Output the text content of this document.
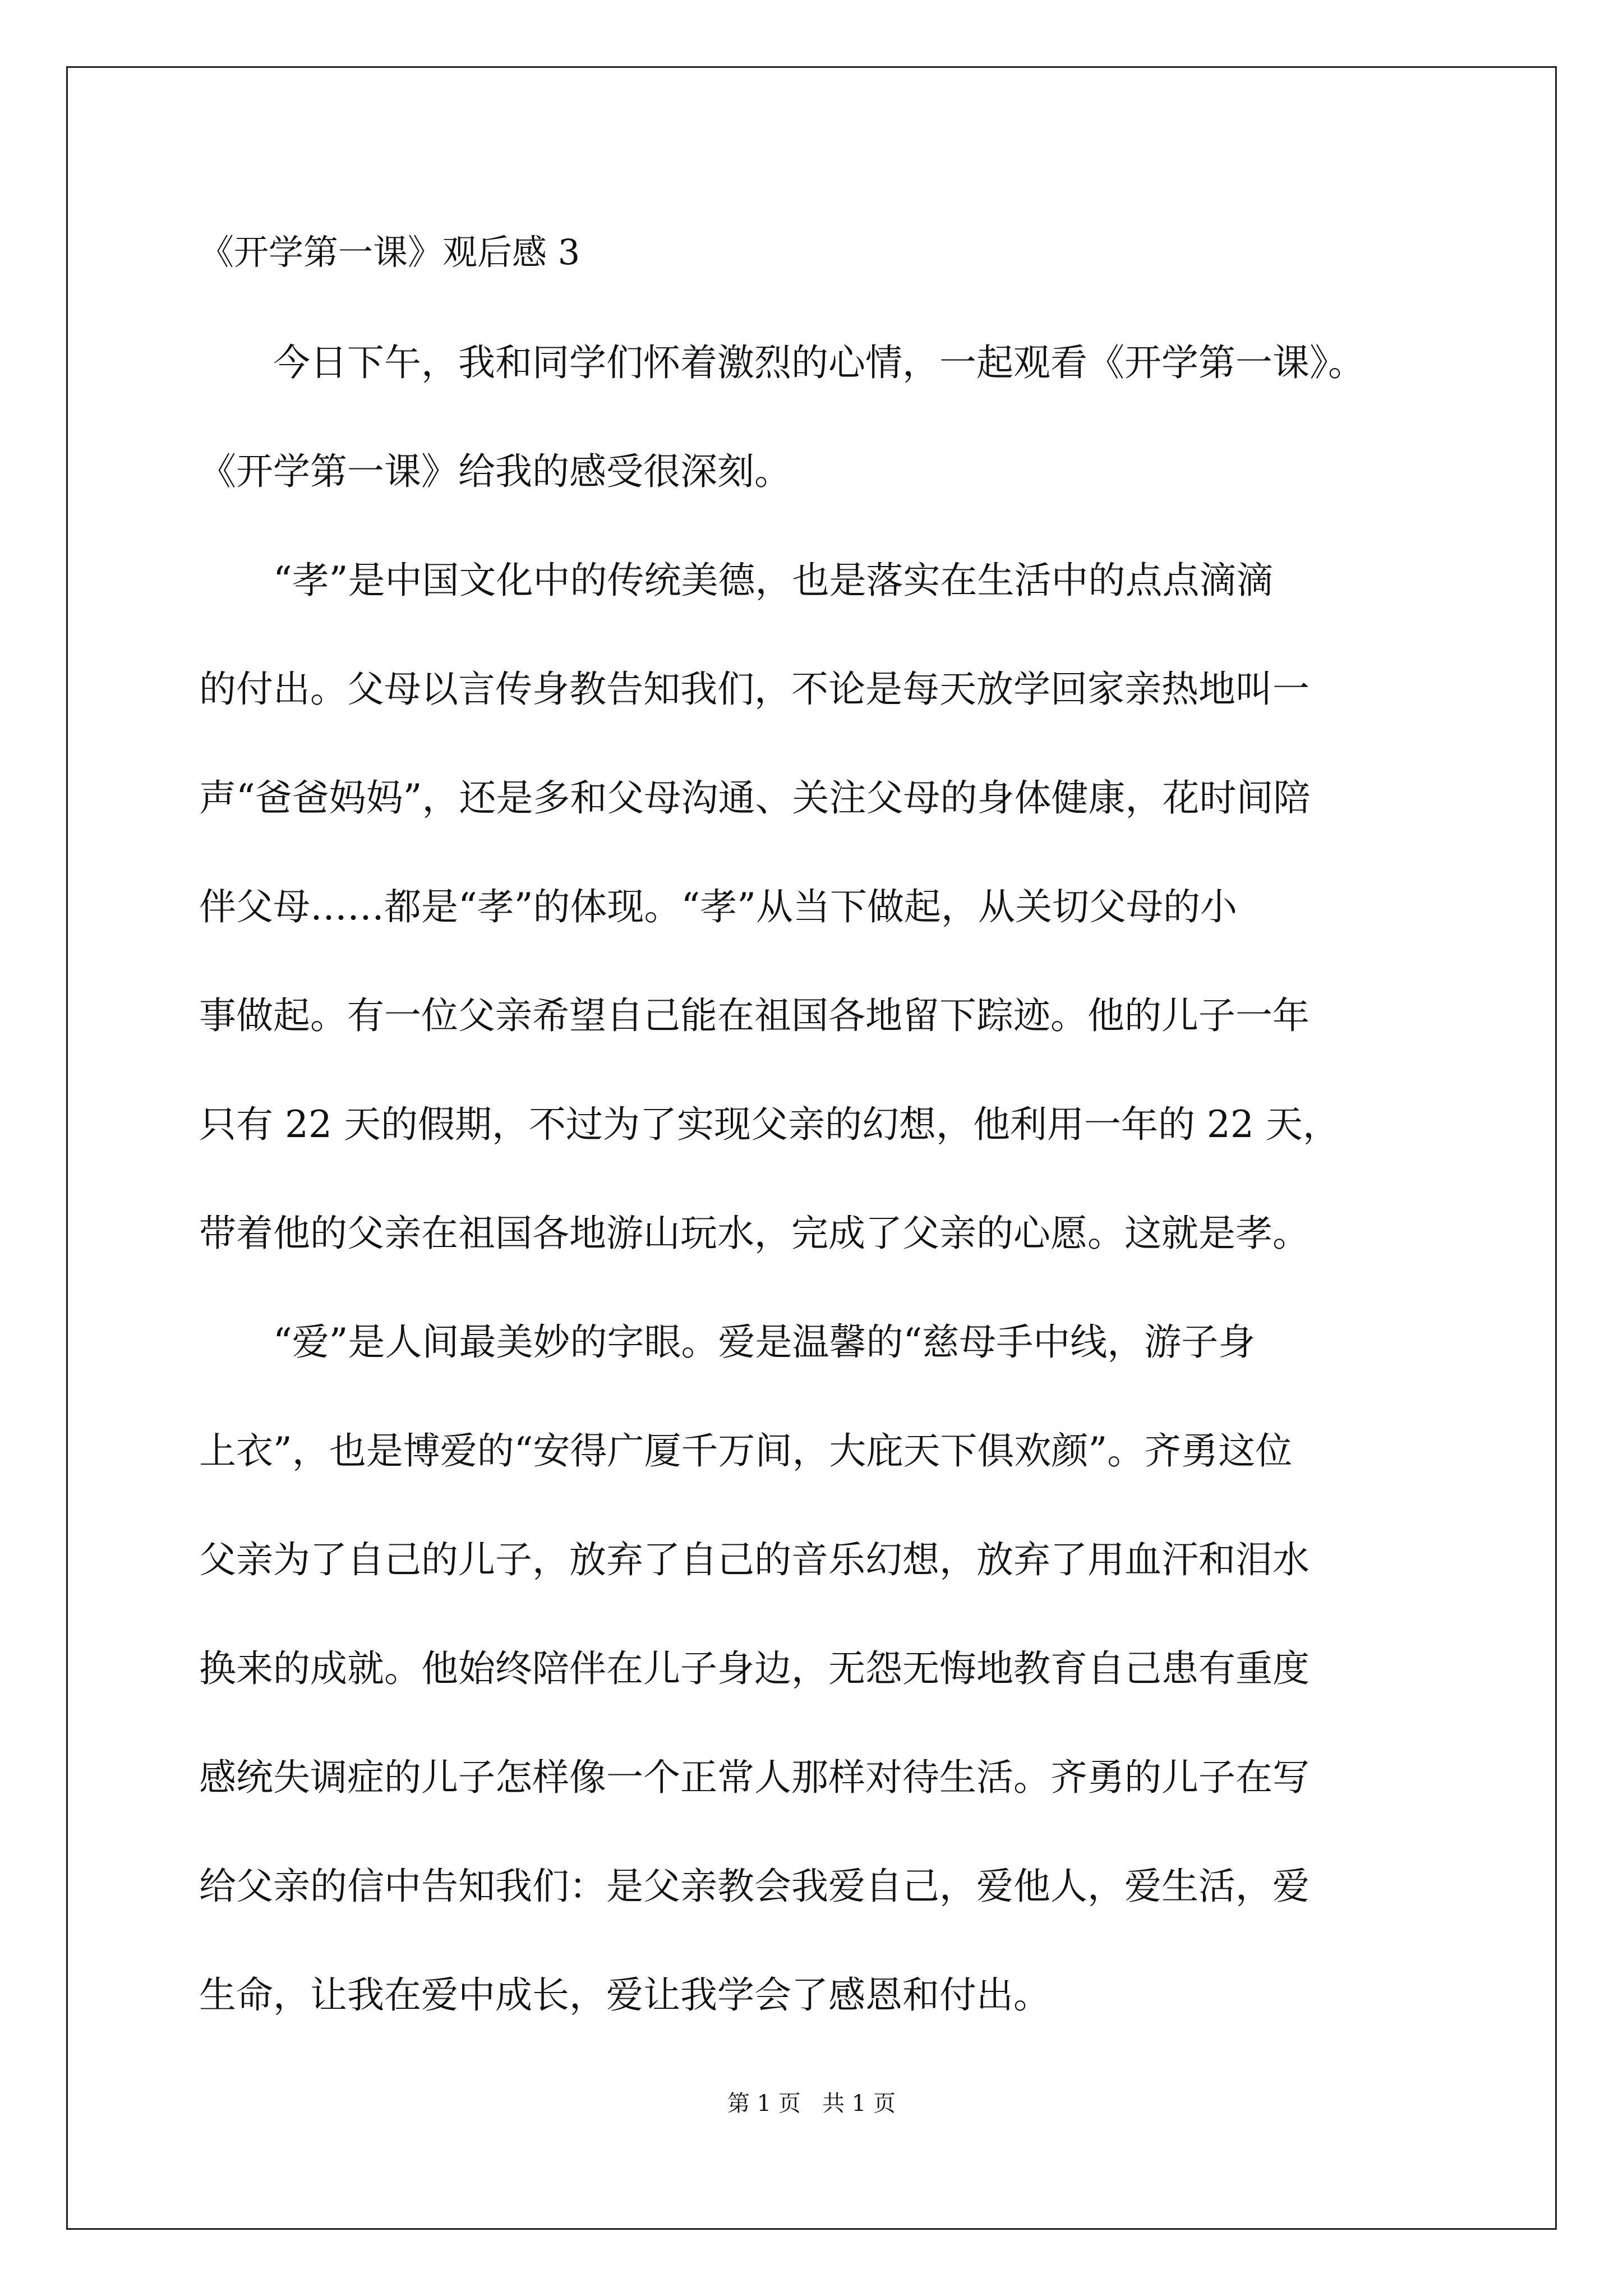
《开学第一课》观后感 3
今日下午，我和同学们怀着激烈的心情，一起观看《开学第一课》。
《开学第一课》给我的感受很深刻。
“孝”是中国文化中的传统美德，也是落实在生活中的点点滴滴
的付出。父母以言传身教告知我们，不论是每天放学回家亲热地叫一
声“爸爸妈妈”，还是多和父母沟通、关注父母的身体健康，花时间陪
伴父母……都是“孝”的体现。“孝”从当下做起，从关切父母的小
事做起。有一位父亲希望自己能在祖国各地留下踪迹。他的儿子一年
只有 22 天的假期，不过为了实现父亲的幻想，他利用一年的 22 天，
带着他的父亲在祖国各地游山玩水，完成了父亲的心愿。这就是孝。
“爱”是人间最美妙的字眼。爱是温馨的“慈母手中线，游子身
上衣”，也是博爱的“安得广厦千万间，大庇天下俱欢颜”。齐勇这位
父亲为了自己的儿子，放弃了自己的音乐幻想，放弃了用血汗和泪水
换来的成就。他始终陪伴在儿子身边，无怨无悔地教育自己患有重度
感统失调症的儿子怎样像一个正常人那样对待生活。齐勇的儿子在写
给父亲的信中告知我们：是父亲教会我爱自己，爱他人，爱生活，爱
生命，让我在爱中成长，爱让我学会了感恩和付出。
第 1 页   共 1 页
